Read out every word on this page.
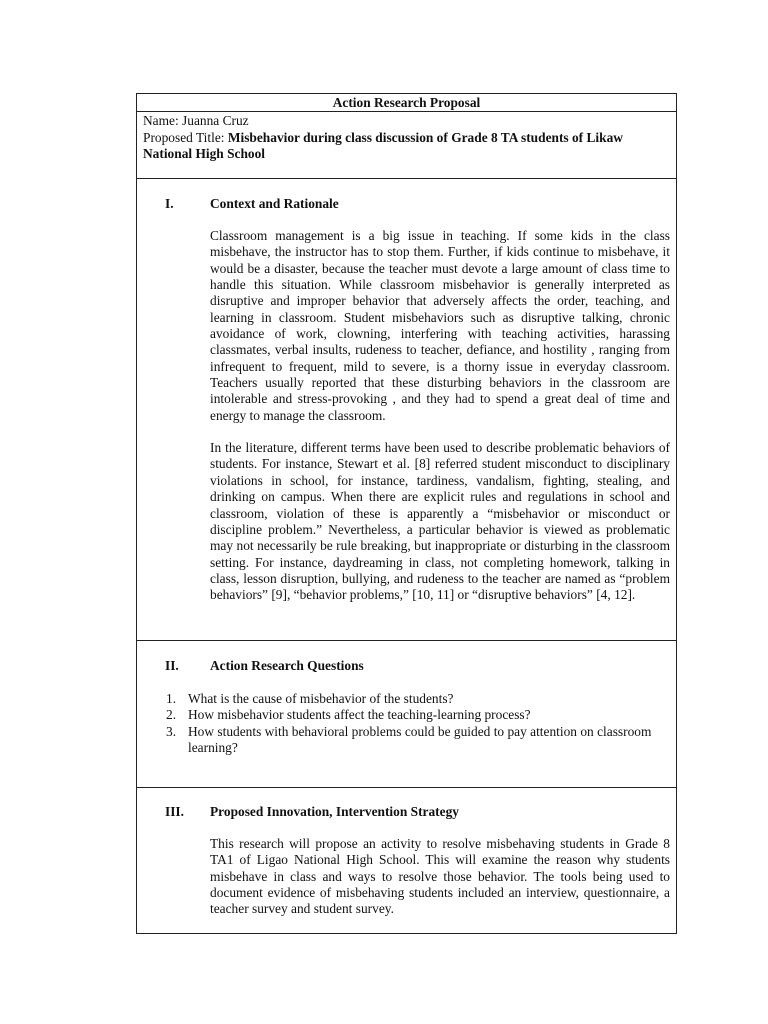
Action Research Proposal
Name: Juanna Cruz
Proposed Title: Misbehavior during class discussion of Grade 8 TA students of Likaw
National High School
I.	Context and Rationale

Classroom management is a big issue in teaching. If some kids in the class misbehave, the instructor has to stop them. Further, if kids continue to misbehave, it would be a disaster, because the teacher must devote a large amount of class time to handle this situation. While classroom misbehavior is generally interpreted as disruptive and improper behavior that adversely affects the order, teaching, and learning in classroom. Student misbehaviors such as disruptive talking, chronic avoidance of work, clowning, interfering with teaching activities, harassing classmates, verbal insults, rudeness to teacher, defiance, and hostility , ranging from infrequent to frequent, mild to severe, is a thorny issue in everyday classroom. Teachers usually reported that these disturbing behaviors in the classroom are intolerable and stress-provoking , and they had to spend a great deal of time and energy to manage the classroom.

In the literature, different terms have been used to describe problematic behaviors of students. For instance, Stewart et al. [8] referred student misconduct to disciplinary violations in school, for instance, tardiness, vandalism, fighting, stealing, and drinking on campus. When there are explicit rules and regulations in school and classroom, violation of these is apparently a “misbehavior or misconduct or discipline problem.” Nevertheless, a particular behavior is viewed as problematic may not necessarily be rule breaking, but inappropriate or disturbing in the classroom setting. For instance, daydreaming in class, not completing homework, talking in class, lesson disruption, bullying, and rudeness to the teacher are named as “problem behaviors” [9], “behavior problems,” [10, 11] or “disruptive behaviors” [4, 12].

II. Action Research Questions
1. What is the cause of misbehavior of the students?
2. How misbehavior students affect the teaching-learning process?
3. How students with behavioral problems could be guided to pay attention on classroom learning?
III. Proposed Innovation, Intervention Strategy

This research will propose an activity to resolve misbehaving students in Grade 8 TA1 of Ligao National High School. This will examine the reason why students misbehave in class and ways to resolve those behavior. The tools being used to document evidence of misbehaving students included an interview, questionnaire, a teacher survey and student survey.
